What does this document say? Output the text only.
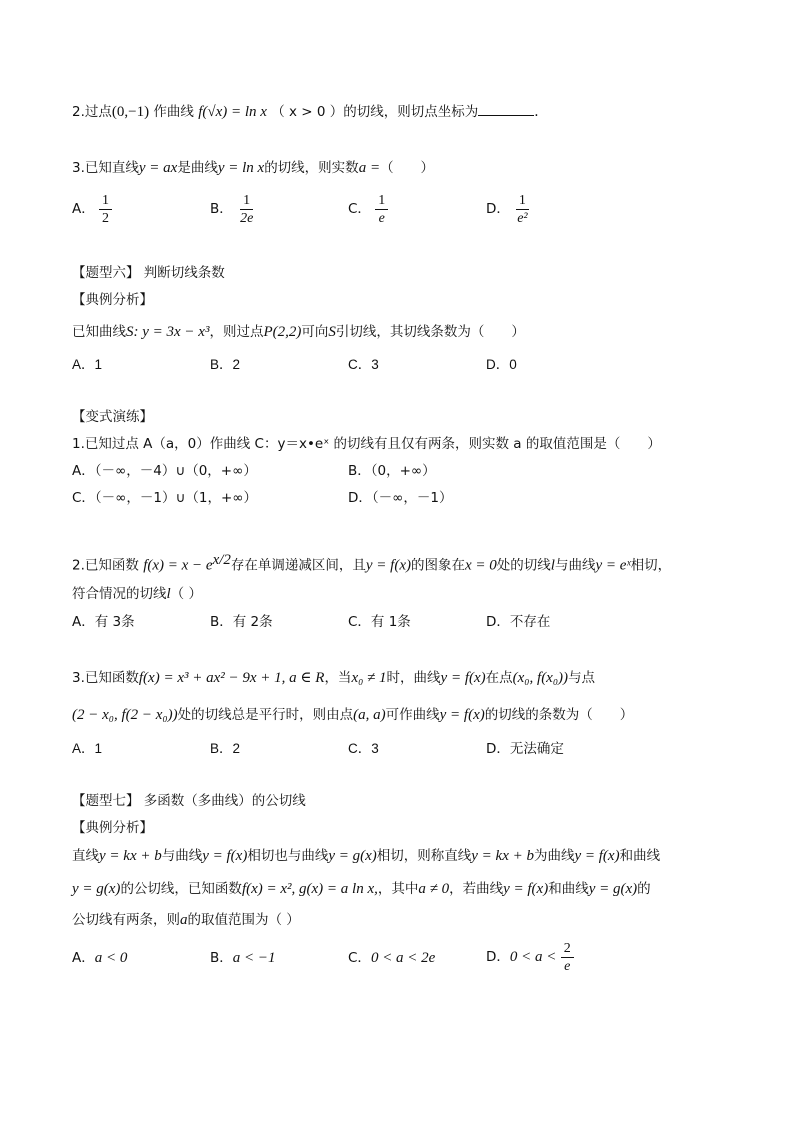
2.过点(0,−1) 作曲线 f(√x) = ln x （ x > 0 ）的切线，则切点坐标为	.
3.已知直线y = ax是曲线y = ln x的切线，则实数a =（　　）
A． $\frac{1}{2}$	B． $\frac{1}{2e}$	C． $\frac{1}{e}$	D． $\frac{1}{\text{e²}}$
【题型六】 判断切线条数
【典例分析】
已知曲线S: y = 3x − x³，则过点P(2,2)可向S引切线，其切线条数为（　　）
A．1	B．2	C．3	D．0
【变式演练】
1.已知过点 A（a，0）作曲线 C：y＝x•eˣ 的切线有且仅有两条，则实数 a 的取值范围是（　　）
A．（－∞，－4）∪（0，+∞）	B．（0，+∞）
C．（－∞，－1）∪（1，+∞）	D．（－∞，－1）
2.已知函数 $f(x) = x - e^{x/2}$存在单调递减区间，且y = f(x)的图象在x = 0处的切线l与曲线y = eˣ相切，
符合情况的切线l（ ）
A．有 3条	B．有 2条	C．有 1条	D．不存在
3.已知函数f(x) = x³ + ax² − 9x + 1, a ∈ R，当x₀ ≠ 1时，曲线y = f(x)在点(x₀, f(x₀))与点
(2 − x₀, f(2 − x₀))处的切线总是平行时，则由点(a, a)可作曲线y = f(x)的切线的条数为（　　）
A．1	B．2	C．3	D．无法确定
【题型七】 多函数（多曲线）的公切线
【典例分析】
直线y = kx + b与曲线y = f(x)相切也与曲线y = g(x)相切，则称直线y = kx + b为曲线y = f(x)和曲线
y = g(x)的公切线，已知函数f(x) = x², g(x) = a ln x,，其中a ≠ 0，若曲线y = f(x)和曲线y = g(x)的
公切线有两条，则a的取值范围为（ ）
A．a < 0	B．a < −1	C．0 < a < 2e	D．$0 < a < \frac{2}{e}$
